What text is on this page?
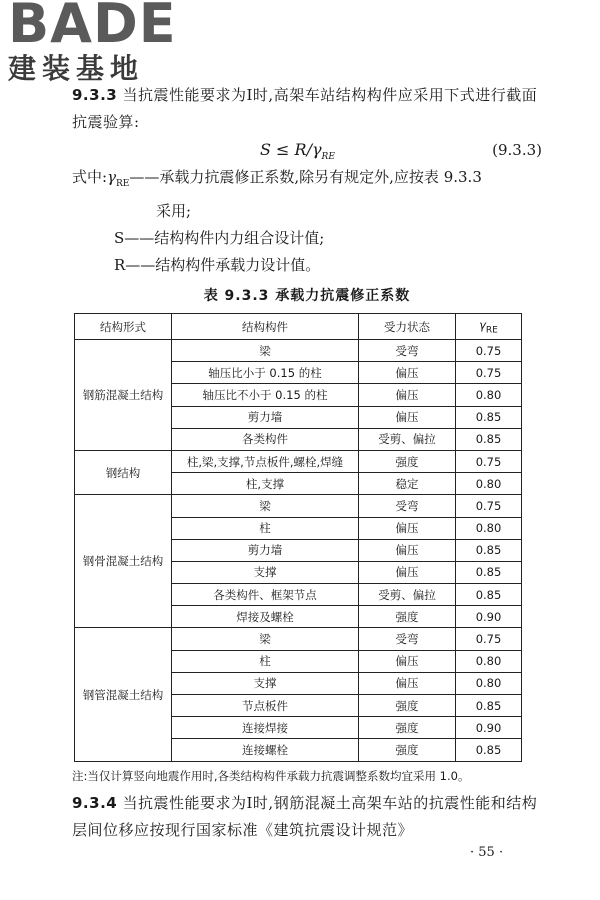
BADE
建装基地
9.3.3 当抗震性能要求为Ⅰ时,高架车站结构构件应采用下式进行截面抗震验算:
$S \le R/\gamma_{RE}$	(9.3.3)
式中$:\gamma_{RE}——$承载力抗震修正系数,除另有规定外,应按表 9.3.3
采用;
S——结构构件内力组合设计值;
R——结构构件承载力设计值。
表 9.3.3 承载力抗震修正系数
结构形式	结构构件	受力状态	$\gamma_{RE}$
钢筋混凝土结构	梁	受弯	0.75
	轴压比小于 0.15 的柱	偏压	0.75
	轴压比不小于 0.15 的柱	偏压	0.80
	剪力墙	偏压	0.85
	各类构件	受剪、偏拉	0.85
钢结构	柱,梁,支撑,节点板件,螺栓,焊缝	强度	0.75
	柱,支撑	稳定	0.80
钢骨混凝土结构	梁	受弯	0.75
	柱	偏压	0.80
	剪力墙	偏压	0.85
	支撑	偏压	0.85
	各类构件、框架节点	受剪、偏拉	0.85
	焊接及螺栓	强度	0.90
钢管混凝土结构	梁	受弯	0.75
	柱	偏压	0.80
	支撑	偏压	0.80
	节点板件	强度	0.85
	连接焊接	强度	0.90
	连接螺栓	强度	0.85
注:当仅计算竖向地震作用时,各类结构构件承载力抗震调整系数均宜采用 1.0。
9.3.4 当抗震性能要求为Ⅰ时,钢筋混凝土高架车站的抗震性能和结构层间位移应按现行国家标准《建筑抗震设计规范》
· 55 ·
